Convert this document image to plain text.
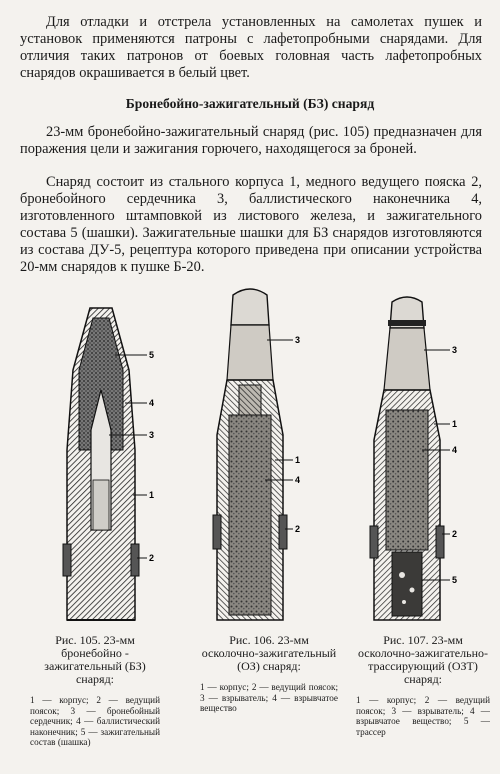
Для отладки и отстрела установленных на самолетах пушек и установок применяются патроны с лафетопробными снарядами. Для отличия таких патронов от боевых головная часть лафетопробных снарядов окрашивается в белый цвет.

Бронебойно-зажигательный (БЗ) снаряд

23-мм бронебойно-зажигательный снаряд (рис. 105) предназначен для поражения цели и зажигания горючего, находящегося за броней.

Снаряд состоит из стального корпуса 1, медного ведущего пояска 2, бронебойного сердечника 3, баллистического наконечника 4, изготовленного штамповкой из листового железа, и зажигательного состава 5 (шашки). Зажигательные шашки для БЗ снарядов изготовляются из состава ДУ-5, рецептура которого приведена при описании устройства 20-мм снарядов к пушке Б-20.

5
4
3
1
2
3
1
4
2
3
1
4
2
5

Рис. 105. 23-мм бронебойно - зажигательный (БЗ) снаряд:

1 — корпус; 2 — ведущий поясок; 3 — бронебойный сердечник; 4 — баллистический наконечник; 5 — зажигательный состав (шашка)

Рис. 106. 23-мм осколочно-зажигательный (ОЗ) снаряд:

1 — корпус; 2 — ведущий поясок; 3 — взрыватель; 4 — взрывчатое вещество

Рис. 107. 23-мм осколочно-зажигательно-трассирующий (ОЗТ) снаряд:

1 — корпус; 2 — ведущий поясок; 3 — взрыватель; 4 — взрывчатое вещество; 5 — трассер
